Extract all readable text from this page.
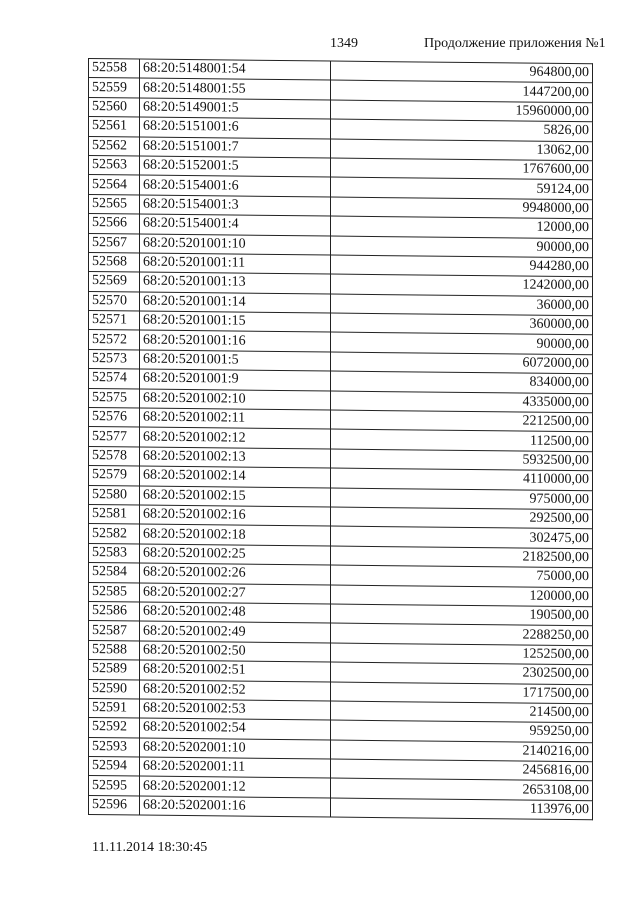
1349	Продолжение приложения №1
52558	68:20:5148001:54	964800,00
52559	68:20:5148001:55	1447200,00
52560	68:20:5149001:5	15960000,00
52561	68:20:5151001:6	5826,00
52562	68:20:5151001:7	13062,00
52563	68:20:5152001:5	1767600,00
52564	68:20:5154001:6	59124,00
52565	68:20:5154001:3	9948000,00
52566	68:20:5154001:4	12000,00
52567	68:20:5201001:10	90000,00
52568	68:20:5201001:11	944280,00
52569	68:20:5201001:13	1242000,00
52570	68:20:5201001:14	36000,00
52571	68:20:5201001:15	360000,00
52572	68:20:5201001:16	90000,00
52573	68:20:5201001:5	6072000,00
52574	68:20:5201001:9	834000,00
52575	68:20:5201002:10	4335000,00
52576	68:20:5201002:11	2212500,00
52577	68:20:5201002:12	112500,00
52578	68:20:5201002:13	5932500,00
52579	68:20:5201002:14	4110000,00
52580	68:20:5201002:15	975000,00
52581	68:20:5201002:16	292500,00
52582	68:20:5201002:18	302475,00
52583	68:20:5201002:25	2182500,00
52584	68:20:5201002:26	75000,00
52585	68:20:5201002:27	120000,00
52586	68:20:5201002:48	190500,00
52587	68:20:5201002:49	2288250,00
52588	68:20:5201002:50	1252500,00
52589	68:20:5201002:51	2302500,00
52590	68:20:5201002:52	1717500,00
52591	68:20:5201002:53	214500,00
52592	68:20:5201002:54	959250,00
52593	68:20:5202001:10	2140216,00
52594	68:20:5202001:11	2456816,00
52595	68:20:5202001:12	2653108,00
52596	68:20:5202001:16	113976,00
11.11.2014 18:30:45
